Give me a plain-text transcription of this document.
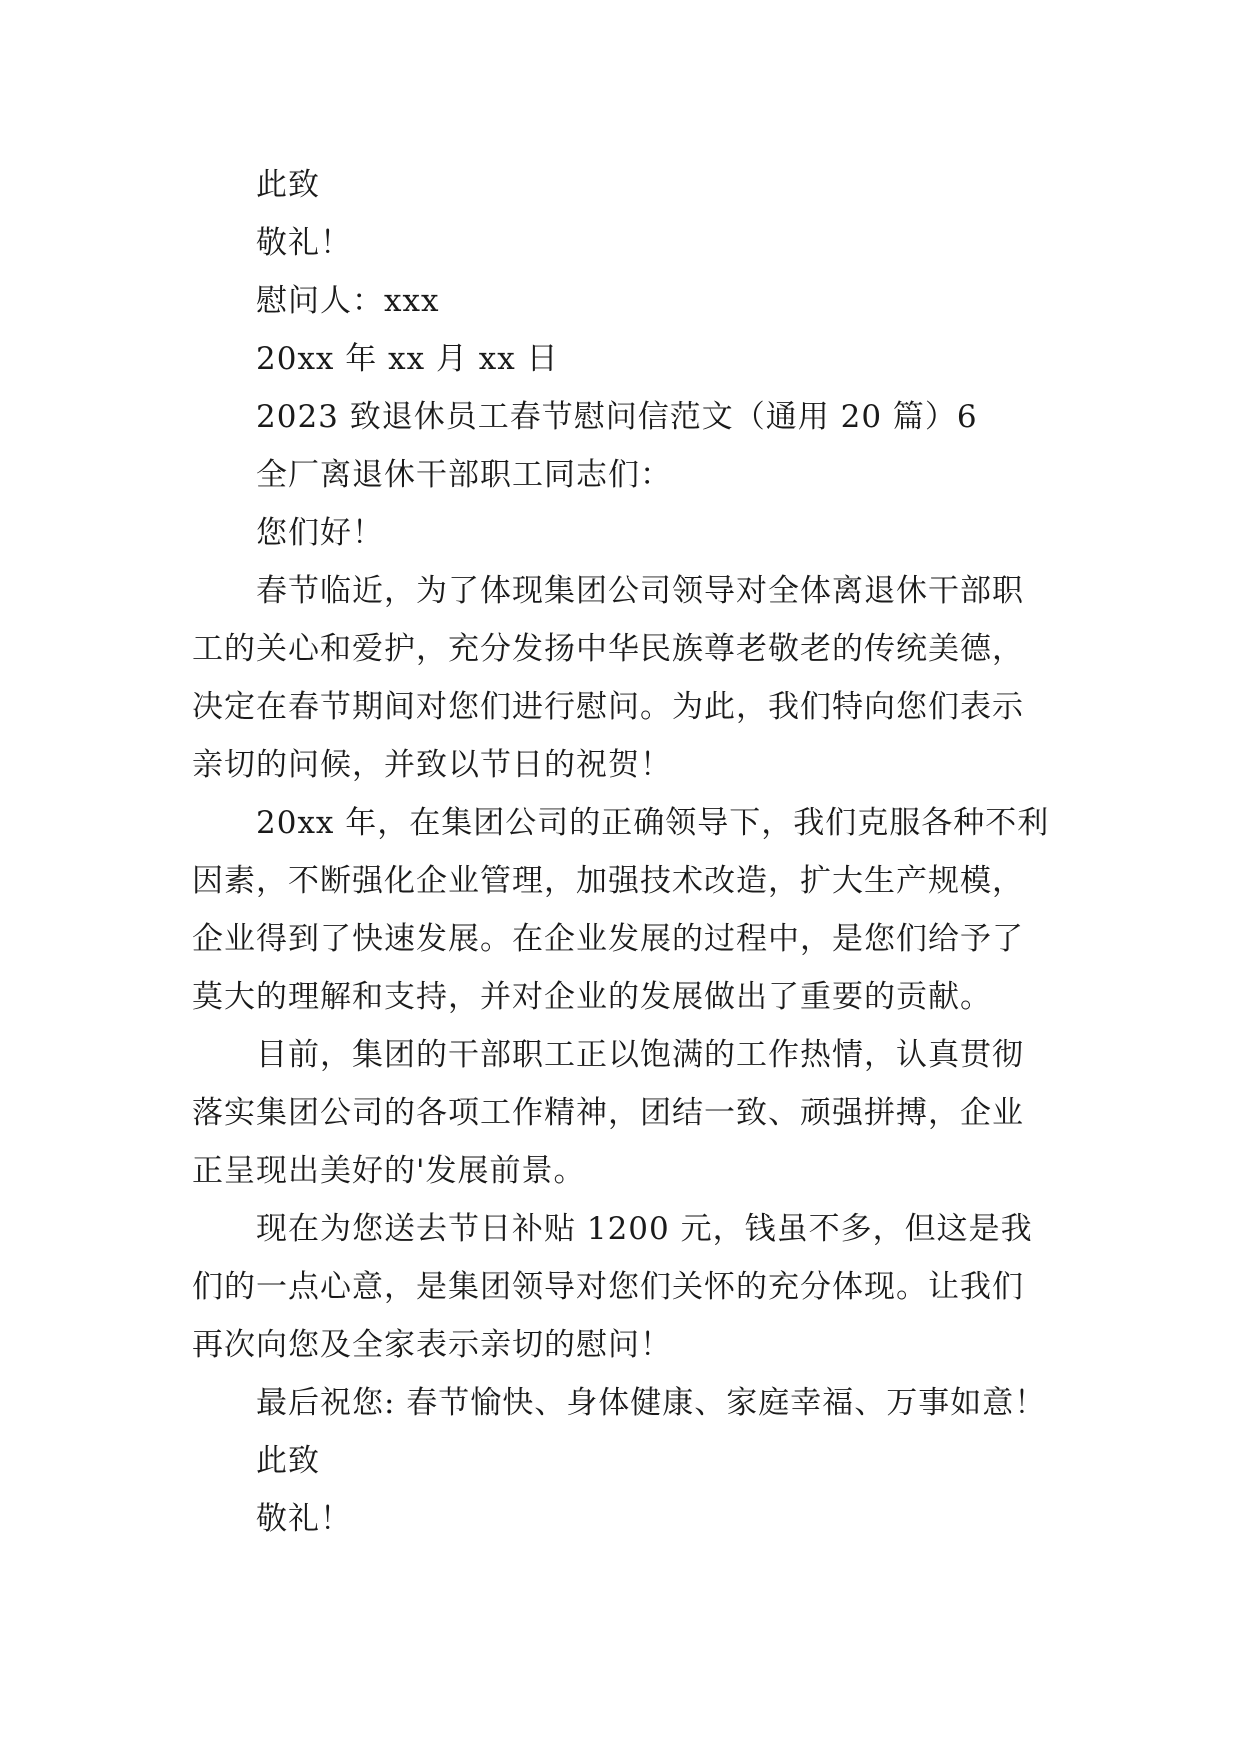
此致
敬礼！
慰问人：xxx
20xx 年 xx 月 xx 日
2023 致退休员工春节慰问信范文（通用 20 篇）6
全厂离退休干部职工同志们：
您们好！
春节临近，为了体现集团公司领导对全体离退休干部职
工的关心和爱护，充分发扬中华民族尊老敬老的传统美德，
决定在春节期间对您们进行慰问。为此，我们特向您们表示
亲切的问候，并致以节日的祝贺！
20xx 年，在集团公司的正确领导下，我们克服各种不利
因素，不断强化企业管理，加强技术改造，扩大生产规模，
企业得到了快速发展。在企业发展的过程中，是您们给予了
莫大的理解和支持，并对企业的发展做出了重要的贡献。
目前，集团的干部职工正以饱满的工作热情，认真贯彻
落实集团公司的各项工作精神，团结一致、顽强拼搏，企业
正呈现出美好的'发展前景。
现在为您送去节日补贴 1200 元，钱虽不多，但这是我
们的一点心意，是集团领导对您们关怀的充分体现。让我们
再次向您及全家表示亲切的慰问！
最后祝您: 春节愉快、身体健康、家庭幸福、万事如意！
此致
敬礼！
